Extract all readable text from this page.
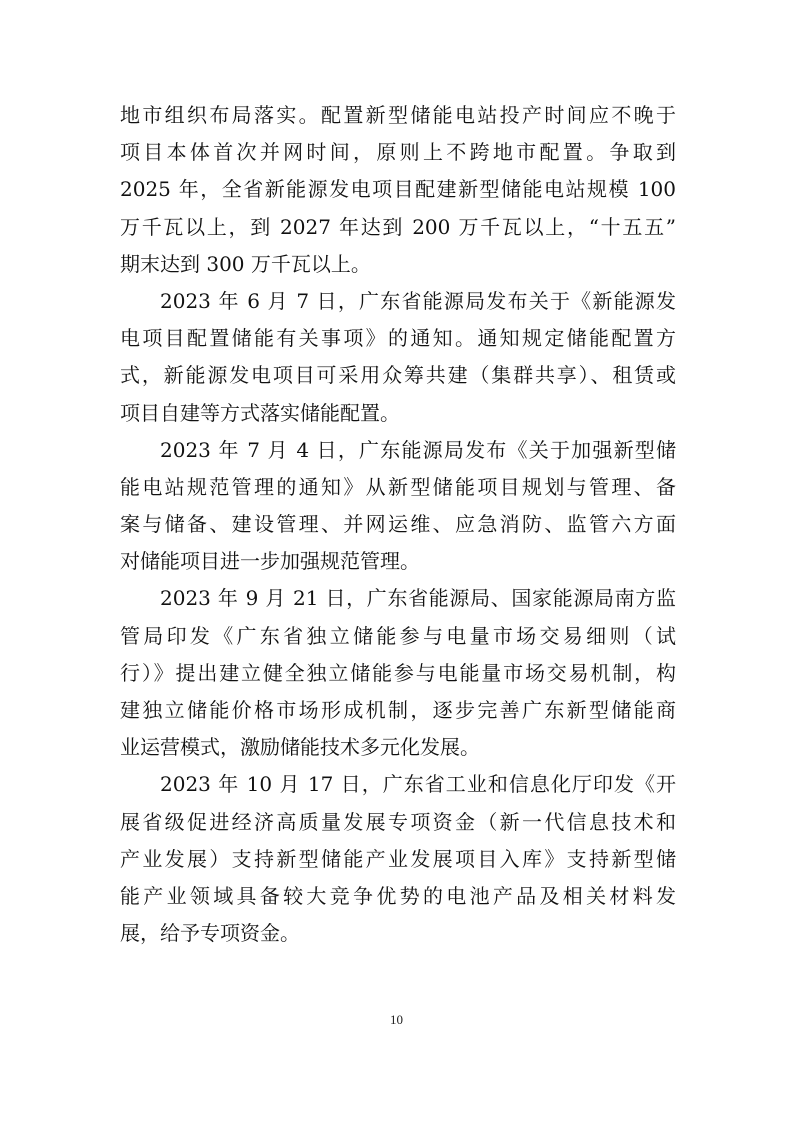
地市组织布局落实。配置新型储能电站投产时间应不晚于
项目本体首次并网时间，原则上不跨地市配置。争取到
2025 年，全省新能源发电项目配建新型储能电站规模 100
万千瓦以上，到 2027 年达到 200 万千瓦以上，“十五五”
期末达到 300 万千瓦以上。
2023 年 6 月 7 日，广东省能源局发布关于《新能源发
电项目配置储能有关事项》的通知。通知规定储能配置方
式，新能源发电项目可采用众筹共建（集群共享）、租赁或
项目自建等方式落实储能配置。
2023 年 7 月 4 日，广东能源局发布《关于加强新型储
能电站规范管理的通知》从新型储能项目规划与管理、备
案与储备、建设管理、并网运维、应急消防、监管六方面
对储能项目进一步加强规范管理。
2023 年 9 月 21 日，广东省能源局、国家能源局南方监
管局印发《广东省独立储能参与电量市场交易细则（试
行）》提出建立健全独立储能参与电能量市场交易机制，构
建独立储能价格市场形成机制，逐步完善广东新型储能商
业运营模式，激励储能技术多元化发展。
2023 年 10 月 17 日，广东省工业和信息化厅印发《开
展省级促进经济高质量发展专项资金（新一代信息技术和
产业发展）支持新型储能产业发展项目入库》支持新型储
能产业领域具备较大竞争优势的电池产品及相关材料发
展，给予专项资金。
10
